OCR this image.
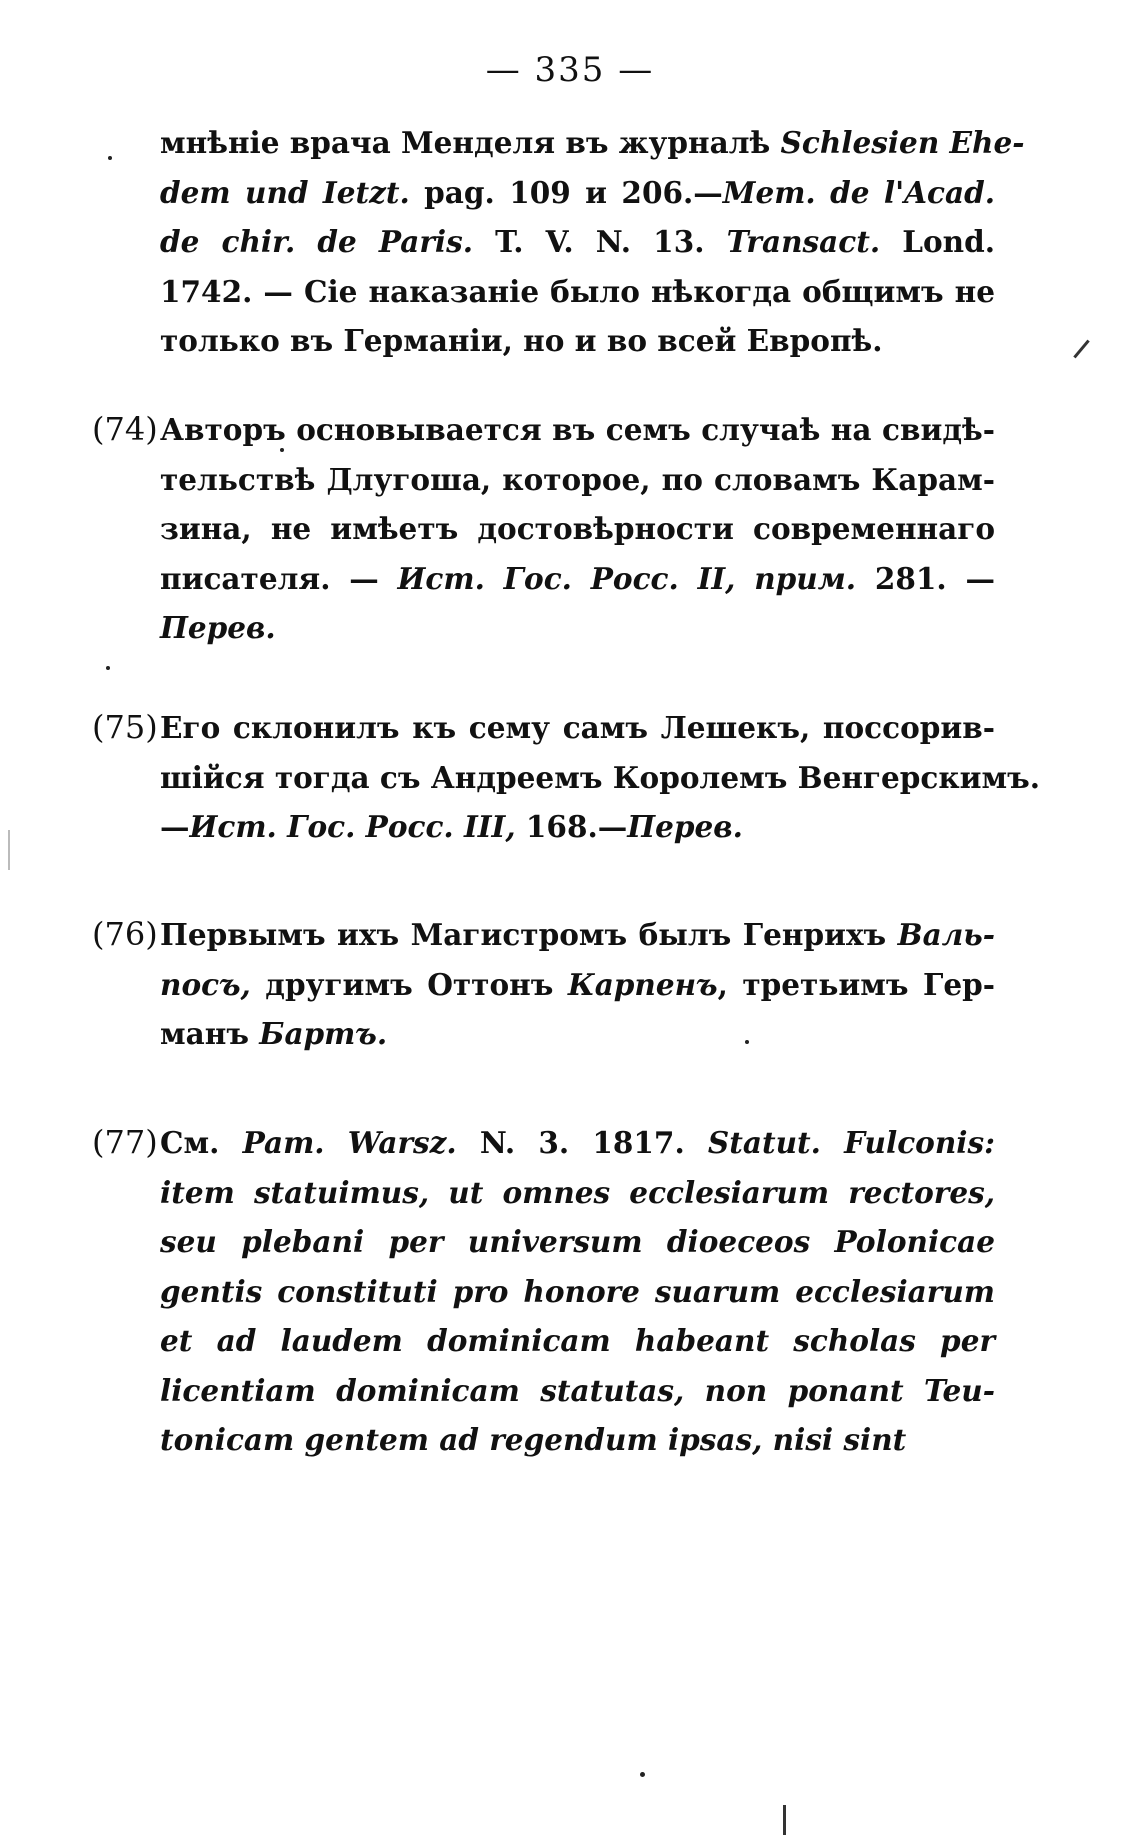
— 335 —
мнѣніе врача Менделя въ журналѣ Schlesien Ehe-
dem und Ietzt. pag. 109 и 206.—Mem. de l'Acad.
de chir. de Paris. T. V. N. 13. Transact. Lond.
1742. — Сіе наказаніе было нѣкогда общимъ не
только въ Германіи, но и во всей Европѣ.
(74) Авторъ основывается въ семъ случаѣ на свидѣ-
тельствѣ Длугоша, которое, по словамъ Карам-
зина, не имѣетъ достовѣрности современнаго
писателя. — Ист. Гос. Росс. II, прим. 281. —
Перев.
(75) Его склонилъ къ сему самъ Лешекъ, поссорив-
шійся тогда съ Андреемъ Королемъ Венгерскимъ.
—Ист. Гос. Росс. III, 168.—Перев.
(76) Первымъ ихъ Магистромъ былъ Генрихъ Валь-
посъ, другимъ Оттонъ Карпенъ, третьимъ Гер-
манъ Бартъ.
(77) См. Pam. Warsz. N. 3. 1817. Statut. Fulconis:
item statuimus, ut omnes ecclesiarum rectores,
seu plebani per universum dioeceos Polonicae
gentis constituti pro honore suarum ecclesiarum
et ad laudem dominicam habeant scholas per
licentiam dominicam statutas, non ponant Teu-
tonicam gentem ad regendum ipsas, nisi sint
